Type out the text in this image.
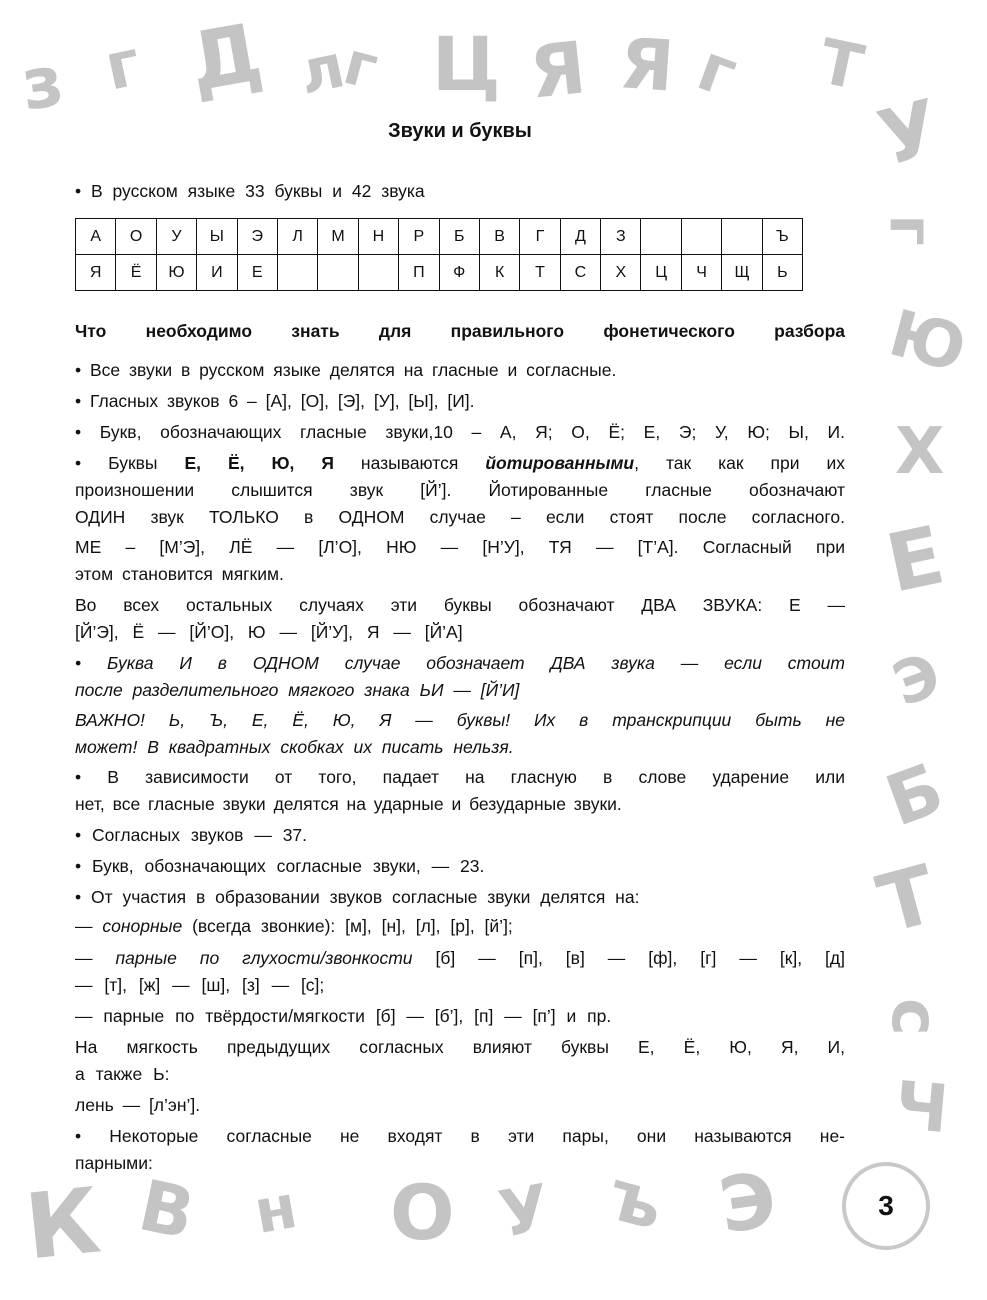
з г Д л
г Ц Я Я г Т
У
г
Ю
Х
Е
Э
Б
Т
с
Ч
К В н О У ъ Э	3
Звуки и буквы
• В русском языке 33 буквы и 42 звука
А	О	У	Ы	Э	Л	М	Н	Р	Б	В	Г	Д	З				Ъ
Я	Ё	Ю	И	Е				П	Ф	К	Т	С	Х	Ц	Ч	Щ	Ь
Что необходимо знать для правильного фонетического разбора
• Все звуки в русском языке делятся на гласные и согласные.
• Гласных звуков 6 – [А], [О], [Э], [У], [Ы], [И].
• Букв, обозначающих гласные звуки,10 – А, Я; О, Ё; Е, Э; У, Ю; Ы, И.
• Буквы Е, Ё, Ю, Я называются йотированными, так как при их
произношении слышится звук [Й’]. Йотированные гласные обозначают
ОДИН звук ТОЛЬКО в ОДНОМ случае – если стоят после согласного.
МЕ – [М’Э], ЛЁ — [Л’О], НЮ — [Н’У], ТЯ — [Т’А]. Согласный при
этом становится мягким.
Во всех остальных случаях эти буквы обозначают ДВА ЗВУКА: Е —
[Й’Э], Ё — [Й’О], Ю — [Й’У], Я — [Й’А]
• Буква И в ОДНОМ случае обозначает ДВА звука — если стоит
после разделительного мягкого знака ЬИ — [Й’И]
ВАЖНО! Ь, Ъ, Е, Ё, Ю, Я — буквы! Их в транскрипции быть не
может! В квадратных скобках их писать нельзя.
• В зависимости от того, падает на гласную в слове ударение или
нет, все гласные звуки делятся на ударные и безударные звуки.
• Согласных звуков — 37.
• Букв, обозначающих согласные звуки, — 23.
• От участия в образовании звуков согласные звуки делятся на:
— сонорные (всегда звонкие): [м], [н], [л], [р], [й’];
— парные по глухости/звонкости [б] — [п], [в] — [ф], [г] — [к], [д]
— [т], [ж] — [ш], [з] — [с];
— парные по твёрдости/мягкости [б] — [б’], [п] — [п’] и пр.
На мягкость предыдущих согласных влияют буквы Е, Ё, Ю, Я, И,
а также Ь:
лень — [л’эн’].
• Некоторые согласные не входят в эти пары, они называются не-
парными:
